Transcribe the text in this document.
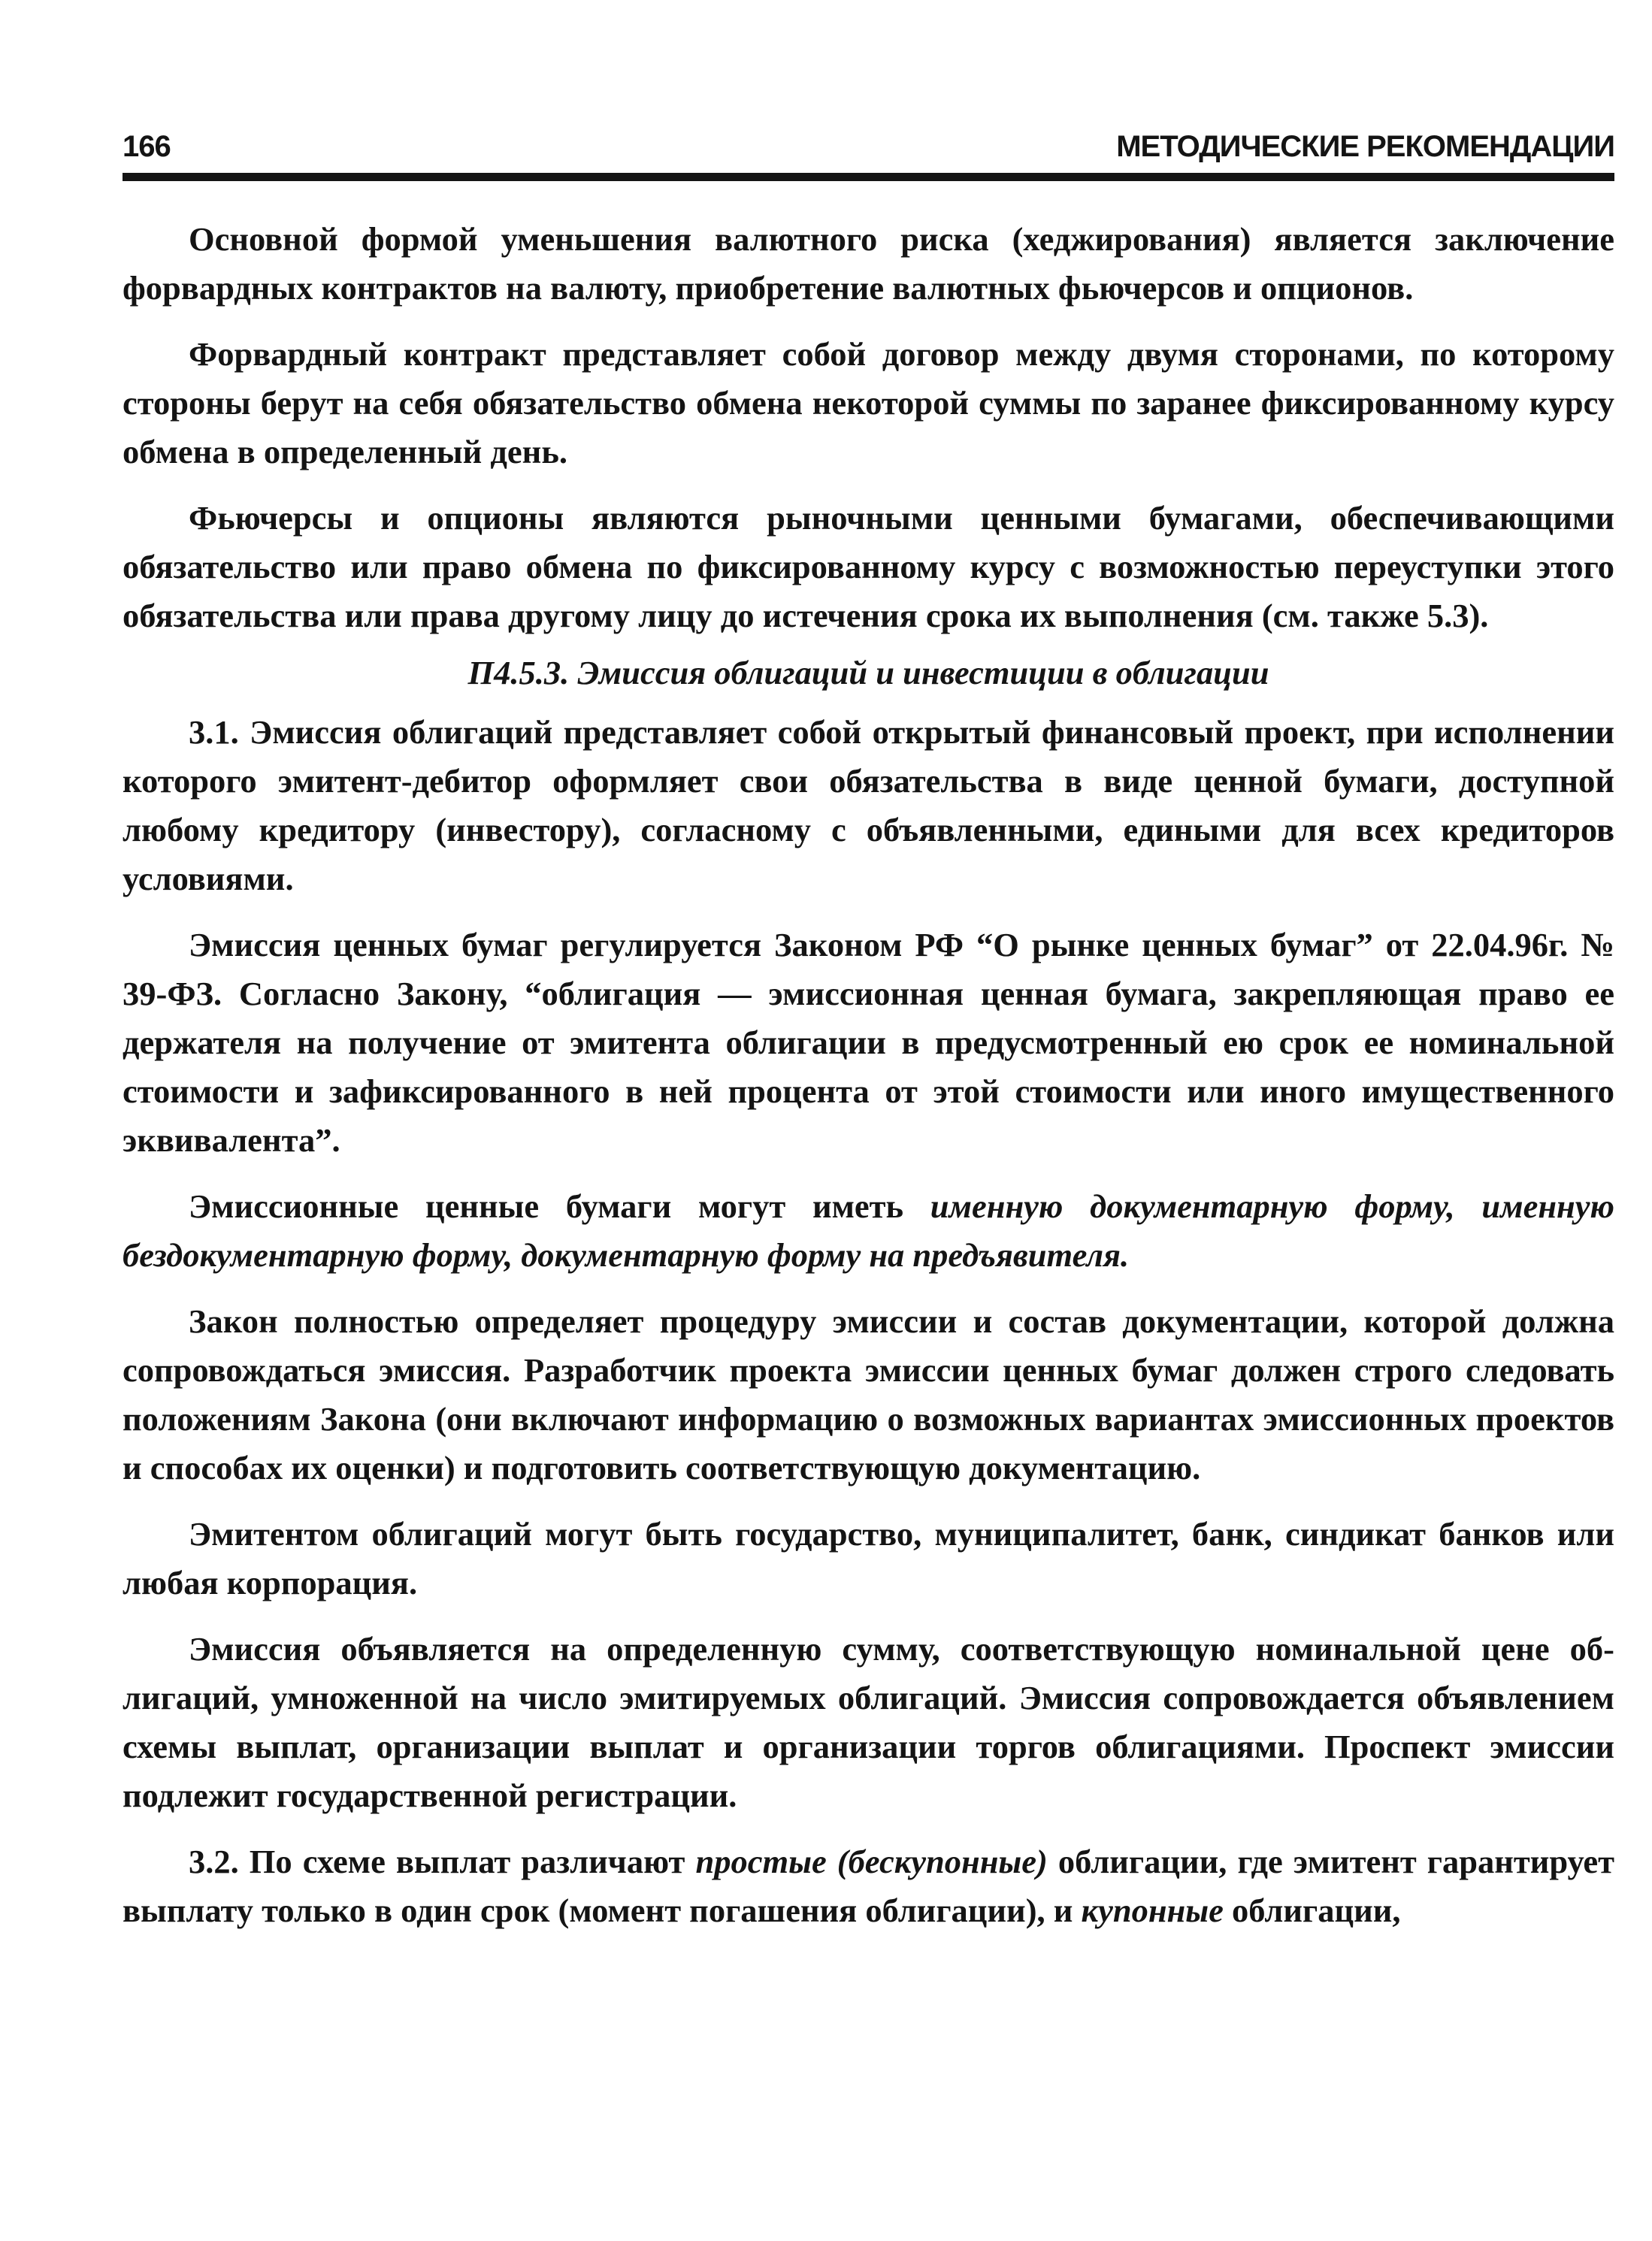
166	МЕТОДИЧЕСКИЕ РЕКОМЕНДАЦИИ

Основной формой уменьшения валютного риска (хеджирования) является заключение форвардных контрактов на валюту, приобретение валютных фьючерсов и опционов.

Форвардный контракт представляет собой договор между двумя сторонами, по которому стороны берут на себя обязательство обмена некоторой суммы по заранее фиксированному курсу обмена в определенный день.

Фьючерсы и опционы являются рыночными ценными бумагами, обеспечивающими обязательство или право обмена по фиксированному курсу с возможностью переуступки этого обязательства или права другому лицу до истечения срока их выполнения (см. также 5.3).

П4.5.3. Эмиссия облигаций и инвестиции в облигации

3.1. Эмиссия облигаций представляет собой открытый финансовый проект, при исполнении которого эмитент-дебитор оформляет свои обязательства в виде ценной бумаги, доступной любому кредитору (инвестору), согласному с объявленными, едиными для всех кредиторов условиями.

Эмиссия ценных бумаг регулируется Законом РФ “О рынке ценных бумаг” от 22.04.96г. № 39-ФЗ. Согласно Закону, “облигация — эмиссионная ценная бумага, закрепляющая право ее держателя на получение от эмитента облигации в предусмотренный ею срок ее номинальной стоимости и зафиксированного в ней процента от этой стоимости или иного имущественного эквивалента”.

Эмиссионные ценные бумаги могут иметь именную документарную форму, именную бездокументарную форму, документарную форму на предъявителя.

Закон полностью определяет процедуру эмиссии и состав документации, которой должна сопровождаться эмиссия. Разработчик проекта эмиссии ценных бумаг должен строго следовать положениям Закона (они включают информацию о возможных вариантах эмиссионных проектов и способах их оценки) и подготовить соответствующую документацию.

Эмитентом облигаций могут быть государство, муниципалитет, банк, синдикат банков или любая корпорация.

Эмиссия объявляется на определенную сумму, соответствующую номинальной цене облигаций, умноженной на число эмитируемых облигаций. Эмиссия сопровождается объявлением схемы выплат, организации выплат и организации торгов облигациями. Проспект эмиссии подлежит государственной регистрации.

3.2. По схеме выплат различают простые (бескупонные) облигации, где эмитент гарантирует выплату только в один срок (момент погашения облигации), и купонные облигации,
